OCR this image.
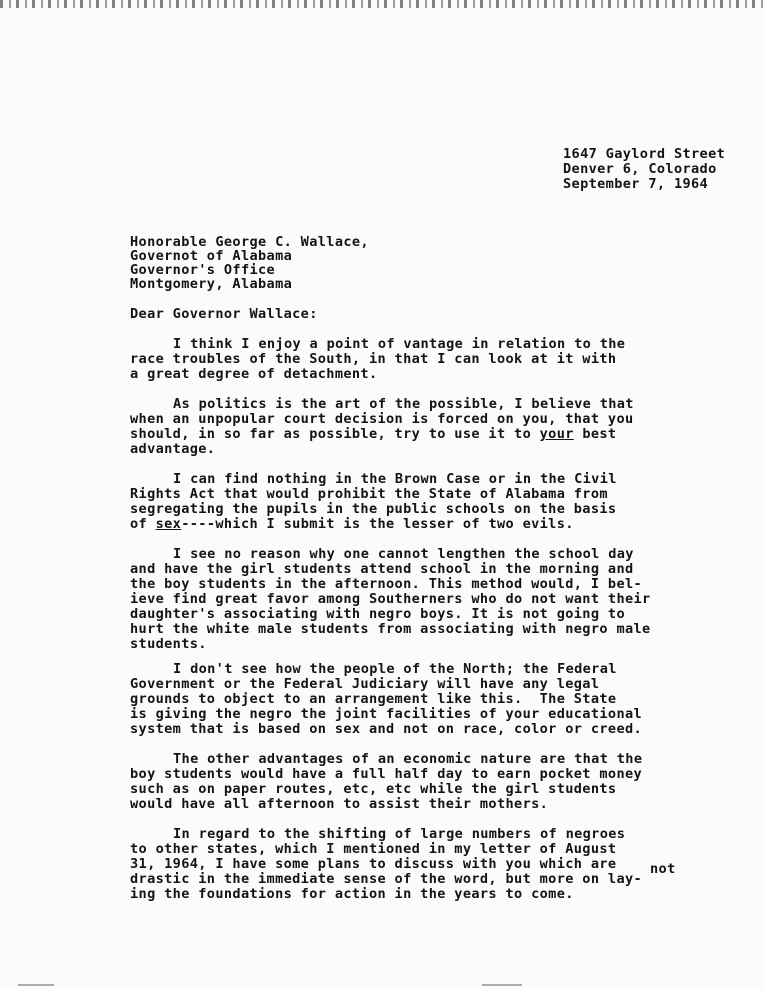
1647 Gaylord Street
Denver 6, Colorado
September 7, 1964
Honorable George C. Wallace,
Governot of Alabama
Governor's Office
Montgomery, Alabama
Dear Governor Wallace:
I think I enjoy a point of vantage in relation to the
race troubles of the South, in that I can look at it with
a great degree of detachment.
As politics is the art of the possible, I believe that
when an unpopular court decision is forced on you, that you
should, in so far as possible, try to use it to your best
advantage.
I can find nothing in the Brown Case or in the Civil
Rights Act that would prohibit the State of Alabama from
segregating the pupils in the public schools on the basis
of sex----which I submit is the lesser of two evils.
I see no reason why one cannot lengthen the school day
and have the girl students attend school in the morning and
the boy students in the afternoon. This method would, I bel-
ieve find great favor among Southerners who do not want their
daughter's associating with negro boys. It is not going to
hurt the white male students from associating with negro male
students.
I don't see how the people of the North; the Federal
Government or the Federal Judiciary will have any legal
grounds to object to an arrangement like this.  The State
is giving the negro the joint facilities of your educational
system that is based on sex and not on race, color or creed.
The other advantages of an economic nature are that the
boy students would have a full half day to earn pocket money
such as on paper routes, etc, etc while the girl students
would have all afternoon to assist their mothers.
In regard to the shifting of large numbers of negroes
to other states, which I mentioned in my letter of August
31, 1964, I have some plans to discuss with you which are not
drastic in the immediate sense of the word, but more on lay-
ing the foundations for action in the years to come.
